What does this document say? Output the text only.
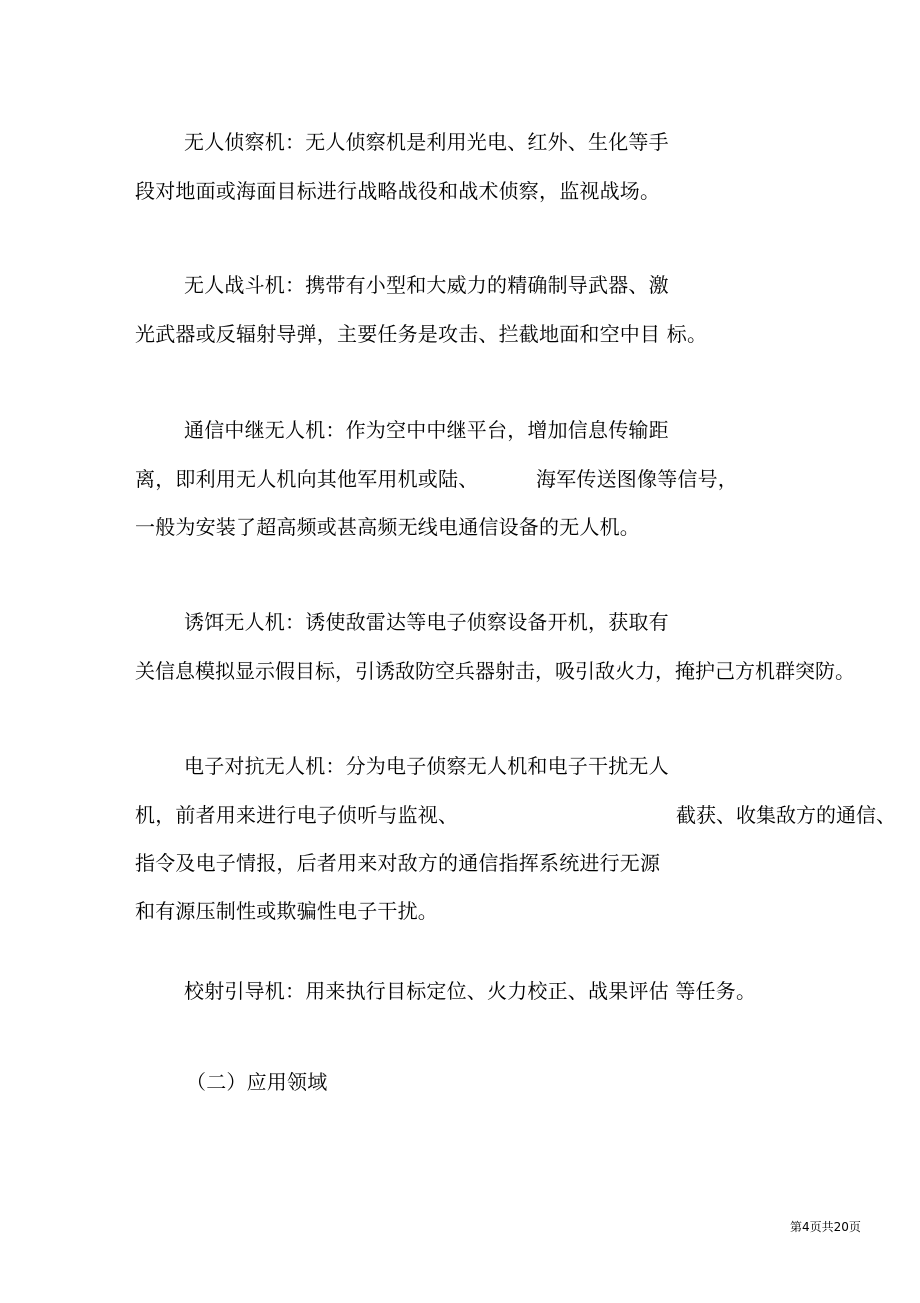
无人侦察机：无人侦察机是利用光电、红外、生化等手
段对地面或海面目标进行战略战役和战术侦察，监视战场。
无人战斗机：携带有小型和大威力的精确制导武器、激
光武器或反辐射导弹，主要任务是攻击、拦截地面和空中目 标。
通信中继无人机：作为空中中继平台，增加信息传输距
离，即利用无人机向其他军用机或陆、	海军传送图像等信号，
一般为安装了超高频或甚高频无线电通信设备的无人机。
诱饵无人机：诱使敌雷达等电子侦察设备开机，获取有
关信息模拟显示假目标，引诱敌防空兵器射击，吸引敌火力，掩护己方机群突防。
电子对抗无人机：分为电子侦察无人机和电子干扰无人
机，前者用来进行电子侦听与监视、	截获、收集敌方的通信、
指令及电子情报，后者用来对敌方的通信指挥系统进行无源
和有源压制性或欺骗性电子干扰。
校射引导机：用来执行目标定位、火力校正、战果评估 等任务。
（二）应用领域
第4页共20页
